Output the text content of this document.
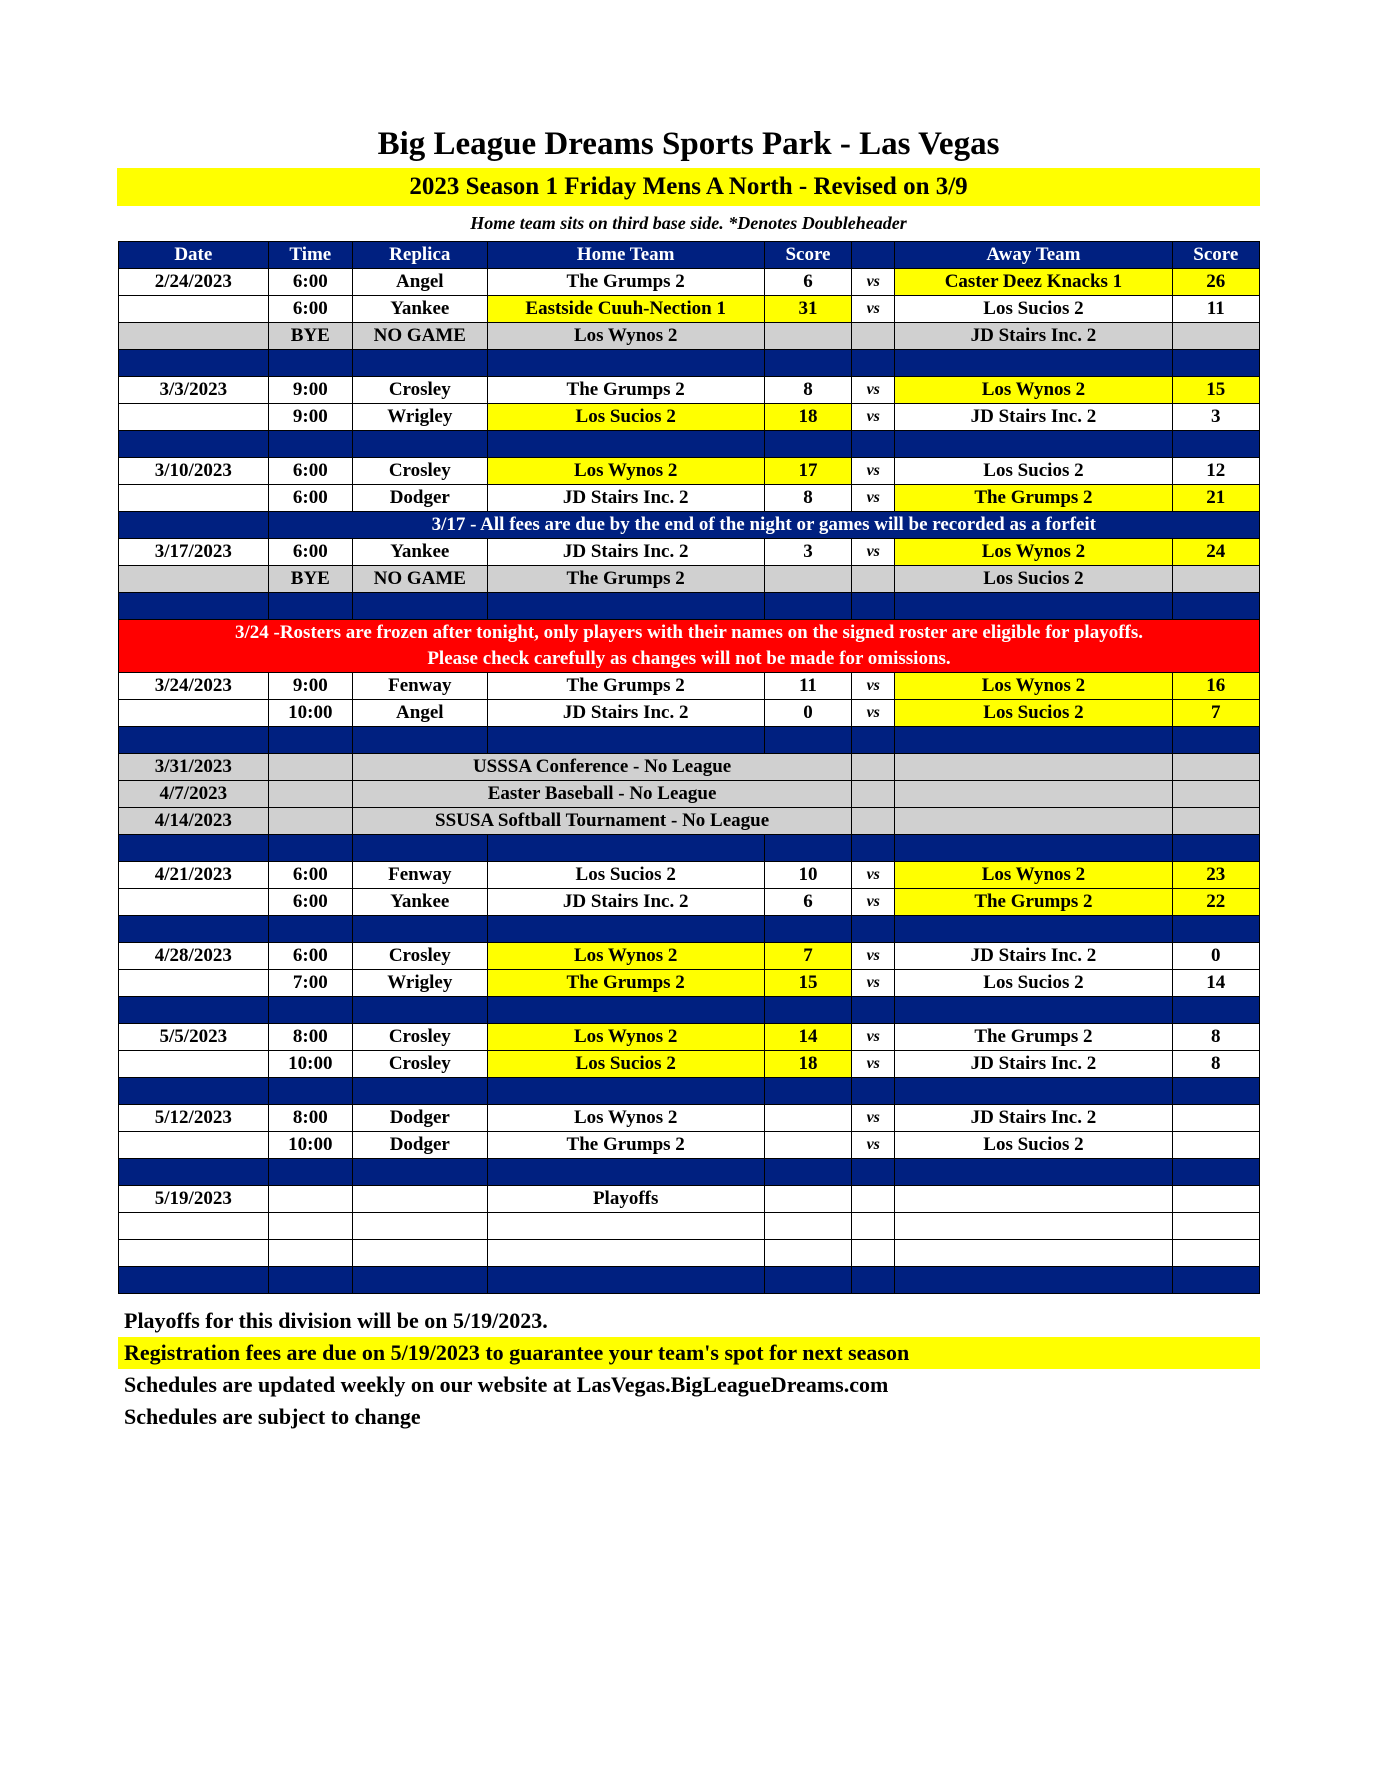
Big League Dreams Sports Park - Las Vegas
2023 Season 1 Friday Mens A North - Revised on 3/9
Home team sits on third base side. *Denotes Doubleheader
Date	Time	Replica	Home Team	Score		Away Team	Score
2/24/2023	6:00	Angel	The Grumps 2	6	vs	Caster Deez Knacks 1	26
	6:00	Yankee	Eastside Cuuh-Nection 1	31	vs	Los Sucios 2	11
	BYE	NO GAME	Los Wynos 2			JD Stairs Inc. 2	

3/3/2023	9:00	Crosley	The Grumps 2	8	vs	Los Wynos 2	15
	9:00	Wrigley	Los Sucios 2	18	vs	JD Stairs Inc. 2	3

3/10/2023	6:00	Crosley	Los Wynos 2	17	vs	Los Sucios 2	12
	6:00	Dodger	JD Stairs Inc. 2	8	vs	The Grumps 2	21
	3/17 - All fees are due by the end of the night or games will be recorded as a forfeit						
3/17/2023	6:00	Yankee	JD Stairs Inc. 2	3	vs	Los Wynos 2	24
	BYE	NO GAME	The Grumps 2			Los Sucios 2	

3/24 -Rosters are frozen after tonight, only players with their names on the signed roster are eligible for playoffs.
Please check carefully as changes will not be made for omissions.							

3/24/2023	9:00	Fenway	The Grumps 2	11	vs	Los Wynos 2	16
	10:00	Angel	JD Stairs Inc. 2	0	vs	Los Sucios 2	7

3/31/2023		USSSA Conference - No League					
4/7/2023		Easter Baseball - No League					
4/14/2023		SSUSA Softball Tournament - No League					

4/21/2023	6:00	Fenway	Los Sucios 2	10	vs	Los Wynos 2	23
	6:00	Yankee	JD Stairs Inc. 2	6	vs	The Grumps 2	22

4/28/2023	6:00	Crosley	Los Wynos 2	7	vs	JD Stairs Inc. 2	0
	7:00	Wrigley	The Grumps 2	15	vs	Los Sucios 2	14

5/5/2023	8:00	Crosley	Los Wynos 2	14	vs	The Grumps 2	8
	10:00	Crosley	Los Sucios 2	18	vs	JD Stairs Inc. 2	8

5/12/2023	8:00	Dodger	Los Wynos 2		vs	JD Stairs Inc. 2	
	10:00	Dodger	The Grumps 2		vs	Los Sucios 2	

5/19/2023			Playoffs				

Playoffs for this division will be on 5/19/2023.
Registration fees are due on 5/19/2023 to guarantee your team's spot for next season
Schedules are updated weekly on our website at LasVegas.BigLeagueDreams.com
Schedules are subject to change
